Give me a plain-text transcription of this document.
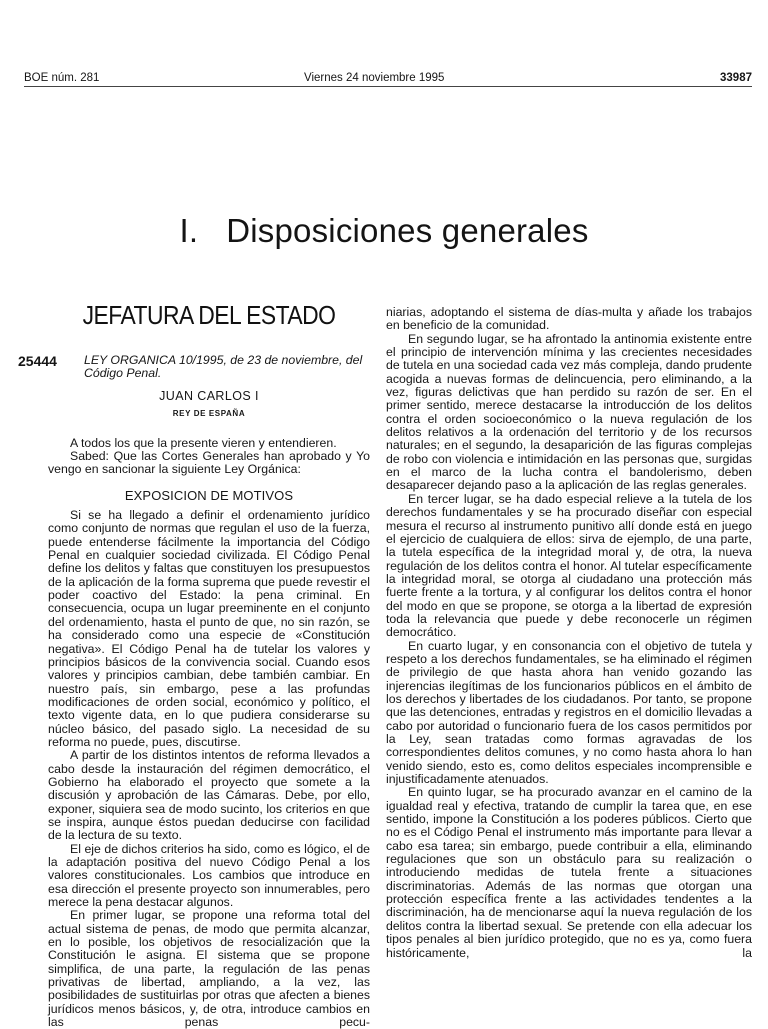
BOE núm. 281	Viernes 24 noviembre 1995	33987
I. Disposiciones generales
JEFATURA DEL ESTADO
25444	LEY ORGANICA 10/1995, de 23 de noviembre, del Código Penal.
JUAN CARLOS I
REY DE ESPAÑA

A todos los que la presente vieren y entendieren.

Sabed: Que las Cortes Generales han aprobado y Yo vengo en sancionar la siguiente Ley Orgánica:

EXPOSICION DE MOTIVOS

Si se ha llegado a definir el ordenamiento jurídico como conjunto de normas que regulan el uso de la fuerza, puede entenderse fácilmente la importancia del Código Penal en cualquier sociedad civilizada. El Código Penal define los delitos y faltas que constituyen los presupuestos de la aplicación de la forma suprema que puede revestir el poder coactivo del Estado: la pena criminal. En consecuencia, ocupa un lugar preeminente en el conjunto del ordenamiento, hasta el punto de que, no sin razón, se ha considerado como una especie de «Constitución negativa». El Código Penal ha de tutelar los valores y principios básicos de la convivencia social. Cuando esos valores y principios cambian, debe también cambiar. En nuestro país, sin embargo, pese a las profundas modificaciones de orden social, económico y político, el texto vigente data, en lo que pudiera considerarse su núcleo básico, del pasado siglo. La necesidad de su reforma no puede, pues, discutirse.

A partir de los distintos intentos de reforma llevados a cabo desde la instauración del régimen democrático, el Gobierno ha elaborado el proyecto que somete a la discusión y aprobación de las Cámaras. Debe, por ello, exponer, siquiera sea de modo sucinto, los criterios en que se inspira, aunque éstos puedan deducirse con facilidad de la lectura de su texto.

El eje de dichos criterios ha sido, como es lógico, el de la adaptación positiva del nuevo Código Penal a los valores constitucionales. Los cambios que introduce en esa dirección el presente proyecto son innumerables, pero merece la pena destacar algunos.

En primer lugar, se propone una reforma total del actual sistema de penas, de modo que permita alcanzar, en lo posible, los objetivos de resocialización que la Constitución le asigna. El sistema que se propone simplifica, de una parte, la regulación de las penas privativas de libertad, ampliando, a la vez, las posibilidades de sustituirlas por otras que afecten a bienes jurídicos menos básicos, y, de otra, introduce cambios en las penas pecu-

niarias, adoptando el sistema de días-multa y añade los trabajos en beneficio de la comunidad.

En segundo lugar, se ha afrontado la antinomia existente entre el principio de intervención mínima y las crecientes necesidades de tutela en una sociedad cada vez más compleja, dando prudente acogida a nuevas formas de delincuencia, pero eliminando, a la vez, figuras delictivas que han perdido su razón de ser. En el primer sentido, merece destacarse la introducción de los delitos contra el orden socioeconómico o la nueva regulación de los delitos relativos a la ordenación del territorio y de los recursos naturales; en el segundo, la desaparición de las figuras complejas de robo con violencia e intimidación en las personas que, surgidas en el marco de la lucha contra el bandolerismo, deben desaparecer dejando paso a la aplicación de las reglas generales.

En tercer lugar, se ha dado especial relieve a la tutela de los derechos fundamentales y se ha procurado diseñar con especial mesura el recurso al instrumento punitivo allí donde está en juego el ejercicio de cualquiera de ellos: sirva de ejemplo, de una parte, la tutela específica de la integridad moral y, de otra, la nueva regulación de los delitos contra el honor. Al tutelar específicamente la integridad moral, se otorga al ciudadano una protección más fuerte frente a la tortura, y al configurar los delitos contra el honor del modo en que se propone, se otorga a la libertad de expresión toda la relevancia que puede y debe reconocerle un régimen democrático.

En cuarto lugar, y en consonancia con el objetivo de tutela y respeto a los derechos fundamentales, se ha eliminado el régimen de privilegio de que hasta ahora han venido gozando las injerencias ilegítimas de los funcionarios públicos en el ámbito de los derechos y libertades de los ciudadanos. Por tanto, se propone que las detenciones, entradas y registros en el domicilio llevadas a cabo por autoridad o funcionario fuera de los casos permitidos por la Ley, sean tratadas como formas agravadas de los correspondientes delitos comunes, y no como hasta ahora lo han venido siendo, esto es, como delitos especiales incomprensible e injustificadamente atenuados.

En quinto lugar, se ha procurado avanzar en el camino de la igualdad real y efectiva, tratando de cumplir la tarea que, en ese sentido, impone la Constitución a los poderes públicos. Cierto que no es el Código Penal el instrumento más importante para llevar a cabo esa tarea; sin embargo, puede contribuir a ella, eliminando regulaciones que son un obstáculo para su realización o introduciendo medidas de tutela frente a situaciones discriminatorias. Además de las normas que otorgan una protección específica frente a las actividades tendentes a la discriminación, ha de mencionarse aquí la nueva regulación de los delitos contra la libertad sexual. Se pretende con ella adecuar los tipos penales al bien jurídico protegido, que no es ya, como fuera históricamente, la
